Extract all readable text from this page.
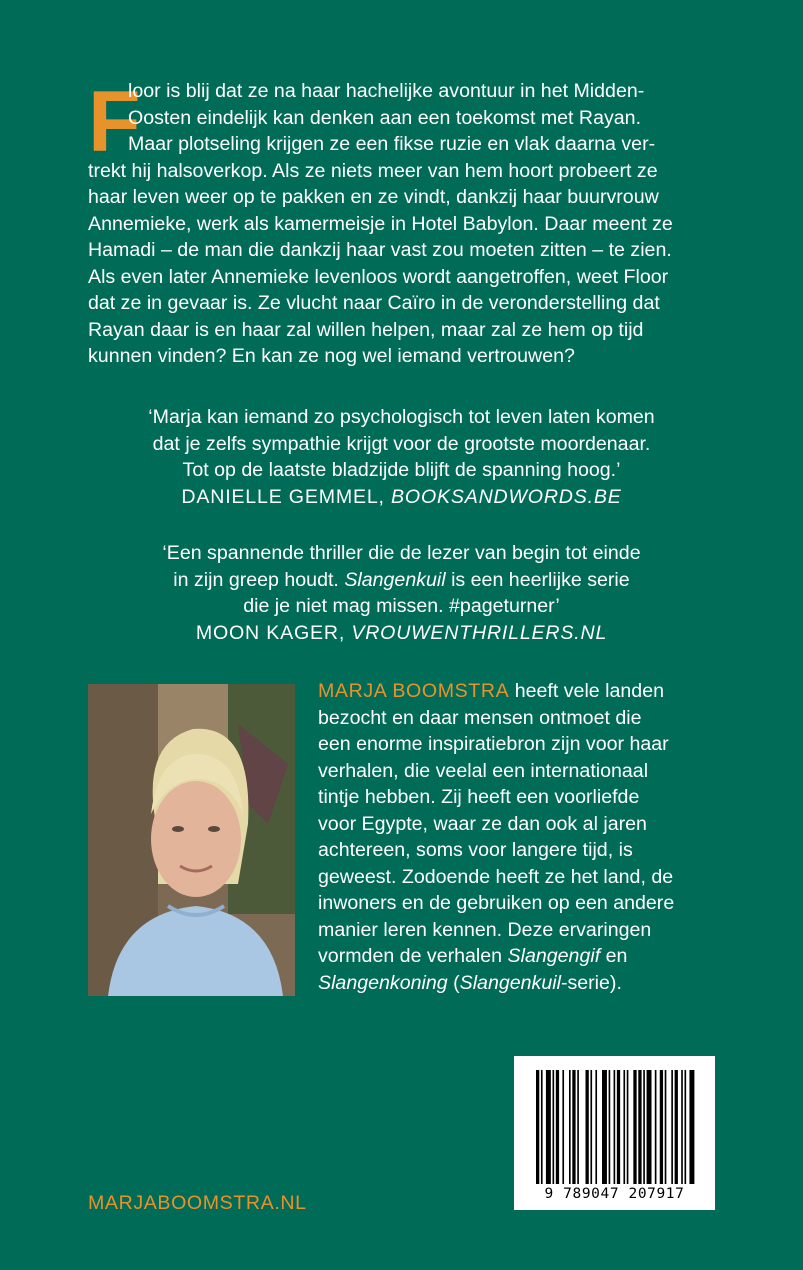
F
loor is blij dat ze na haar hachelijke avontuur in het Midden-
Oosten eindelijk kan denken aan een toekomst met Rayan.
Maar plotseling krijgen ze een fikse ruzie en vlak daarna ver-
trekt hij halsoverkop. Als ze niets meer van hem hoort probeert ze
haar leven weer op te pakken en ze vindt, dankzij haar buurvrouw
Annemieke, werk als kamermeisje in Hotel Babylon. Daar meent ze
Hamadi – de man die dankzij haar vast zou moeten zitten – te zien.
Als even later Annemieke levenloos wordt aangetroffen, weet Floor
dat ze in gevaar is. Ze vlucht naar Caïro in de veronderstelling dat
Rayan daar is en haar zal willen helpen, maar zal ze hem op tijd
kunnen vinden? En kan ze nog wel iemand vertrouwen?
‘Marja kan iemand zo psychologisch tot leven laten komen
dat je zelfs sympathie krijgt voor de grootste moordenaar.
Tot op de laatste bladzijde blijft de spanning hoog.’
DANIELLE GEMMEL, BOOKSANDWORDS.BE
‘Een spannende thriller die de lezer van begin tot einde
in zijn greep houdt. Slangenkuil is een heerlijke serie
die je niet mag missen. #pageturner’
MOON KAGER, VROUWENTHRILLERS.NL
MARJA BOOMSTRA heeft vele landen
bezocht en daar mensen ontmoet die
een enorme inspiratiebron zijn voor haar
verhalen, die veelal een internationaal
tintje hebben. Zij heeft een voorliefde
voor Egypte, waar ze dan ook al jaren
achtereen, soms voor langere tijd, is
geweest. Zodoende heeft ze het land, de
inwoners en de gebruiken op een andere
manier leren kennen. Deze ervaringen
vormden de verhalen Slangengif en
Slangenkoning (Slangenkuil-serie).
9 789047 207917
MARJABOOMSTRA.NL
